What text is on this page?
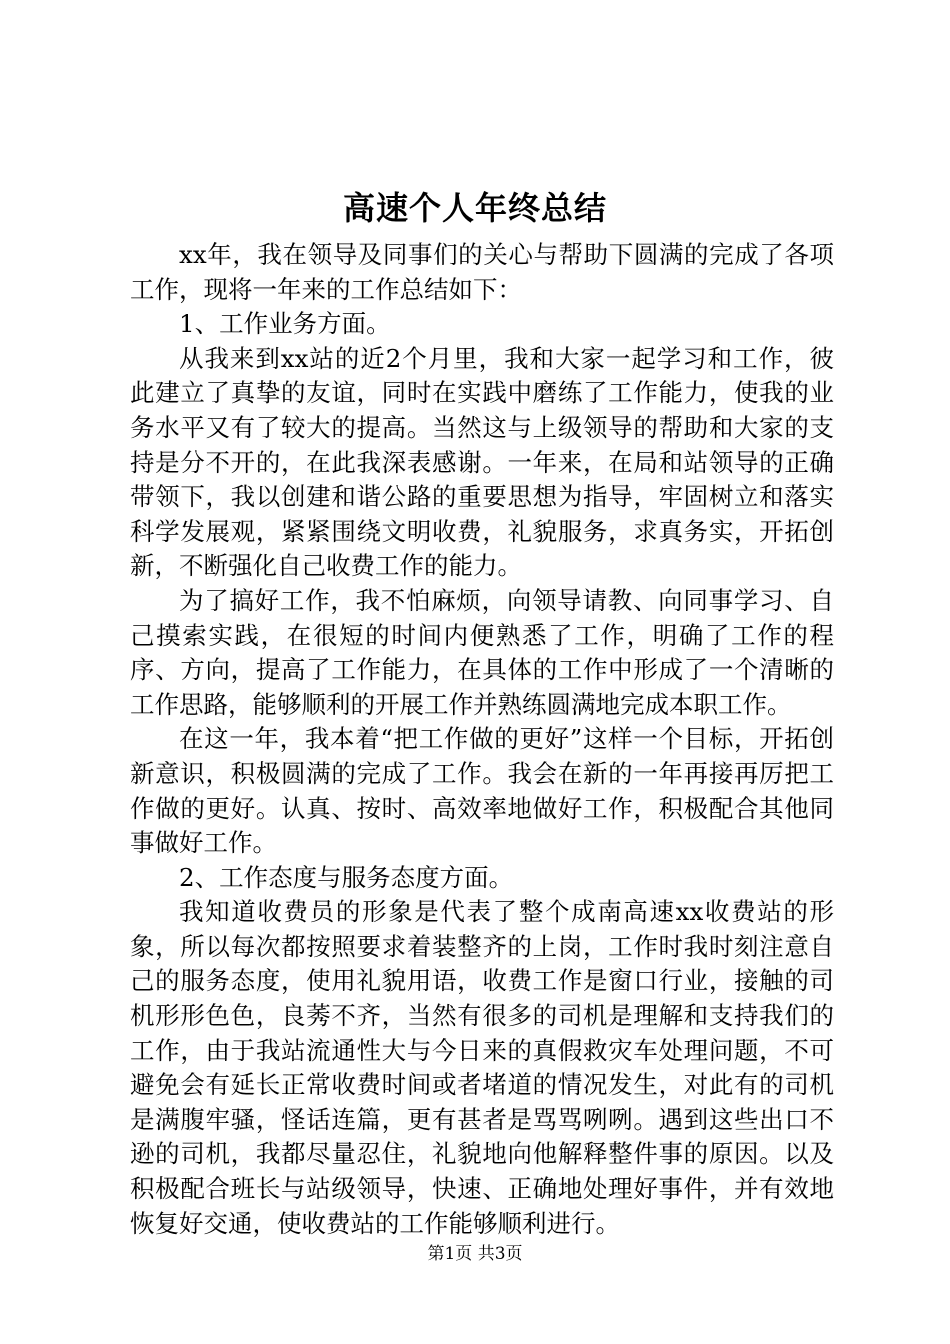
高速个人年终总结

xx年，我在领导及同事们的关心与帮助下圆满的完成了各项工作，现将一年来的工作总结如下：

1、工作业务方面。

从我来到xx站的近2个月里，我和大家一起学习和工作，彼此建立了真挚的友谊，同时在实践中磨练了工作能力，使我的业务水平又有了较大的提高。当然这与上级领导的帮助和大家的支持是分不开的，在此我深表感谢。一年来，在局和站领导的正确带领下，我以创建和谐公路的重要思想为指导，牢固树立和落实科学发展观，紧紧围绕文明收费，礼貌服务，求真务实，开拓创新，不断强化自己收费工作的能力。

为了搞好工作，我不怕麻烦，向领导请教、向同事学习、自己摸索实践，在很短的时间内便熟悉了工作，明确了工作的程序、方向，提高了工作能力，在具体的工作中形成了一个清晰的工作思路，能够顺利的开展工作并熟练圆满地完成本职工作。

在这一年，我本着“把工作做的更好”这样一个目标，开拓创新意识，积极圆满的完成了工作。我会在新的一年再接再厉把工作做的更好。认真、按时、高效率地做好工作，积极配合其他同事做好工作。

2、工作态度与服务态度方面。

我知道收费员的形象是代表了整个成南高速xx收费站的形象，所以每次都按照要求着装整齐的上岗，工作时我时刻注意自己的服务态度，使用礼貌用语，收费工作是窗口行业，接触的司机形形色色，良莠不齐，当然有很多的司机是理解和支持我们的工作，由于我站流通性大与今日来的真假救灾车处理问题，不可避免会有延长正常收费时间或者堵道的情况发生，对此有的司机是满腹牢骚，怪话连篇，更有甚者是骂骂咧咧。遇到这些出口不逊的司机，我都尽量忍住，礼貌地向他解释整件事的原因。以及积极配合班长与站级领导，快速、正确地处理好事件，并有效地恢复好交通，使收费站的工作能够顺利进行。

第1页 共3页
